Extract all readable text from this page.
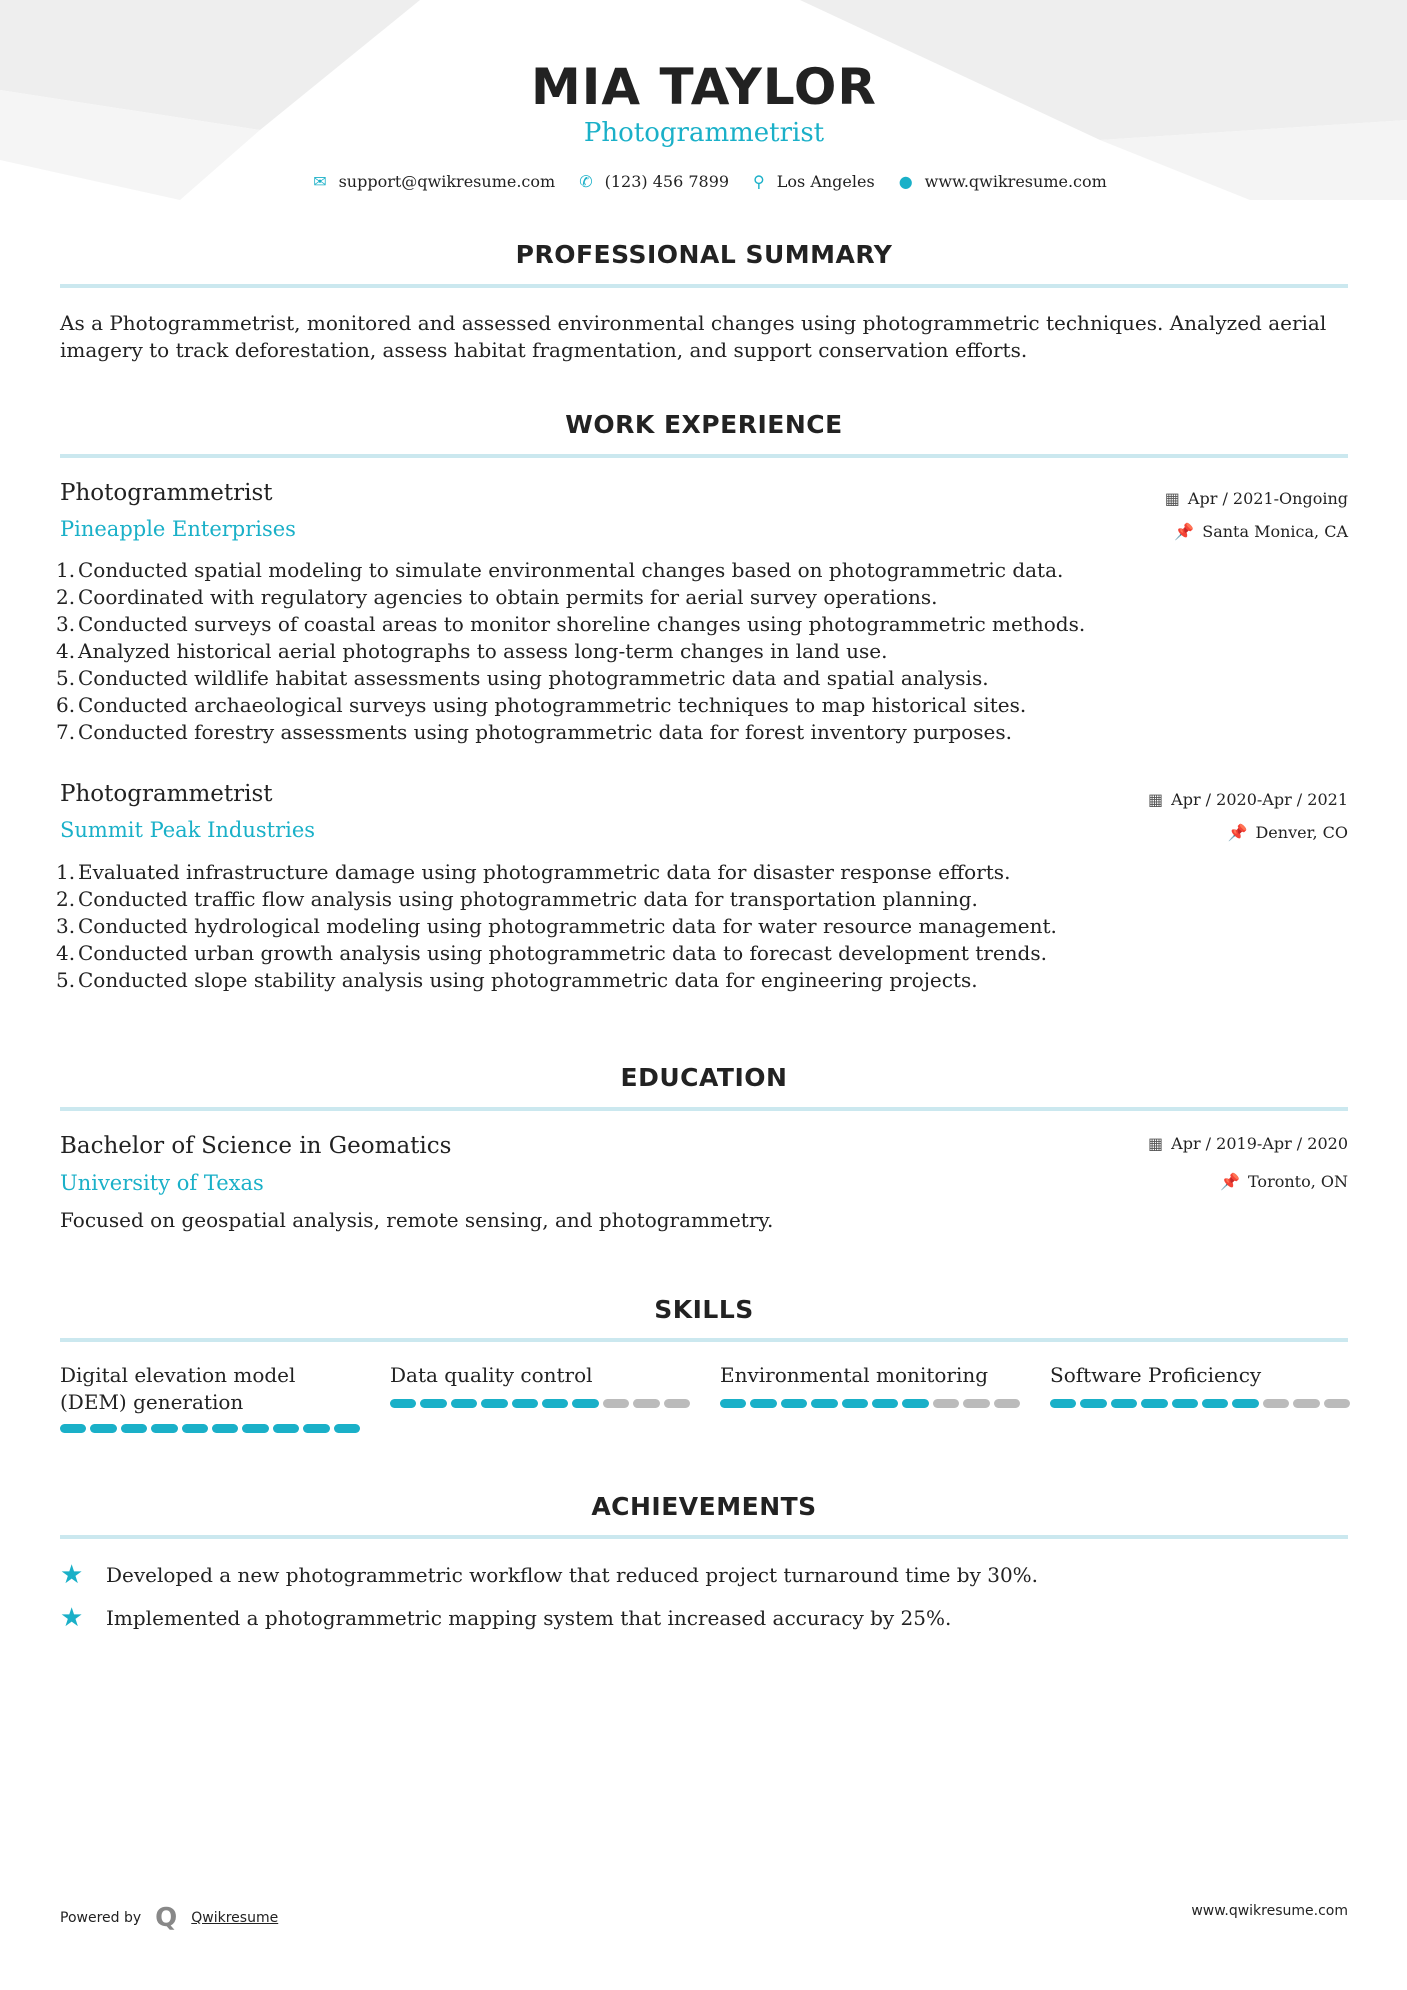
MIA TAYLOR
Photogrammetrist
✉ support@qwikresume.com ✆ (123) 456 7899 ⚲ Los Angeles ● www.qwikresume.com
PROFESSIONAL SUMMARY
As a Photogrammetrist, monitored and assessed environmental changes using photogrammetric techniques. Analyzed aerial imagery to track deforestation, assess habitat fragmentation, and support conservation efforts.
WORK EXPERIENCE
Photogrammetrist
Pineapple Enterprises
▦ Apr / 2021-Ongoing
📌 Santa Monica, CA
1. Conducted spatial modeling to simulate environmental changes based on photogrammetric data.
2. Coordinated with regulatory agencies to obtain permits for aerial survey operations.
3. Conducted surveys of coastal areas to monitor shoreline changes using photogrammetric methods.
4. Analyzed historical aerial photographs to assess long-term changes in land use.
5. Conducted wildlife habitat assessments using photogrammetric data and spatial analysis.
6. Conducted archaeological surveys using photogrammetric techniques to map historical sites.
7. Conducted forestry assessments using photogrammetric data for forest inventory purposes.
Photogrammetrist
Summit Peak Industries
▦ Apr / 2020-Apr / 2021
📌 Denver, CO
1. Evaluated infrastructure damage using photogrammetric data for disaster response efforts.
2. Conducted traffic flow analysis using photogrammetric data for transportation planning.
3. Conducted hydrological modeling using photogrammetric data for water resource management.
4. Conducted urban growth analysis using photogrammetric data to forecast development trends.
5. Conducted slope stability analysis using photogrammetric data for engineering projects.
EDUCATION
Bachelor of Science in Geomatics
University of Texas
▦ Apr / 2019-Apr / 2020
📌 Toronto, ON
Focused on geospatial analysis, remote sensing, and photogrammetry.
SKILLS
Digital elevation model (DEM) generation
Data quality control	Environmental monitoring	Software Proficiency
ACHIEVEMENTS
★	Developed a new photogrammetric workflow that reduced project turnaround time by 30%.
★	Implemented a photogrammetric mapping system that increased accuracy by 25%.
Powered by Q Qwikresume	www.qwikresume.com
